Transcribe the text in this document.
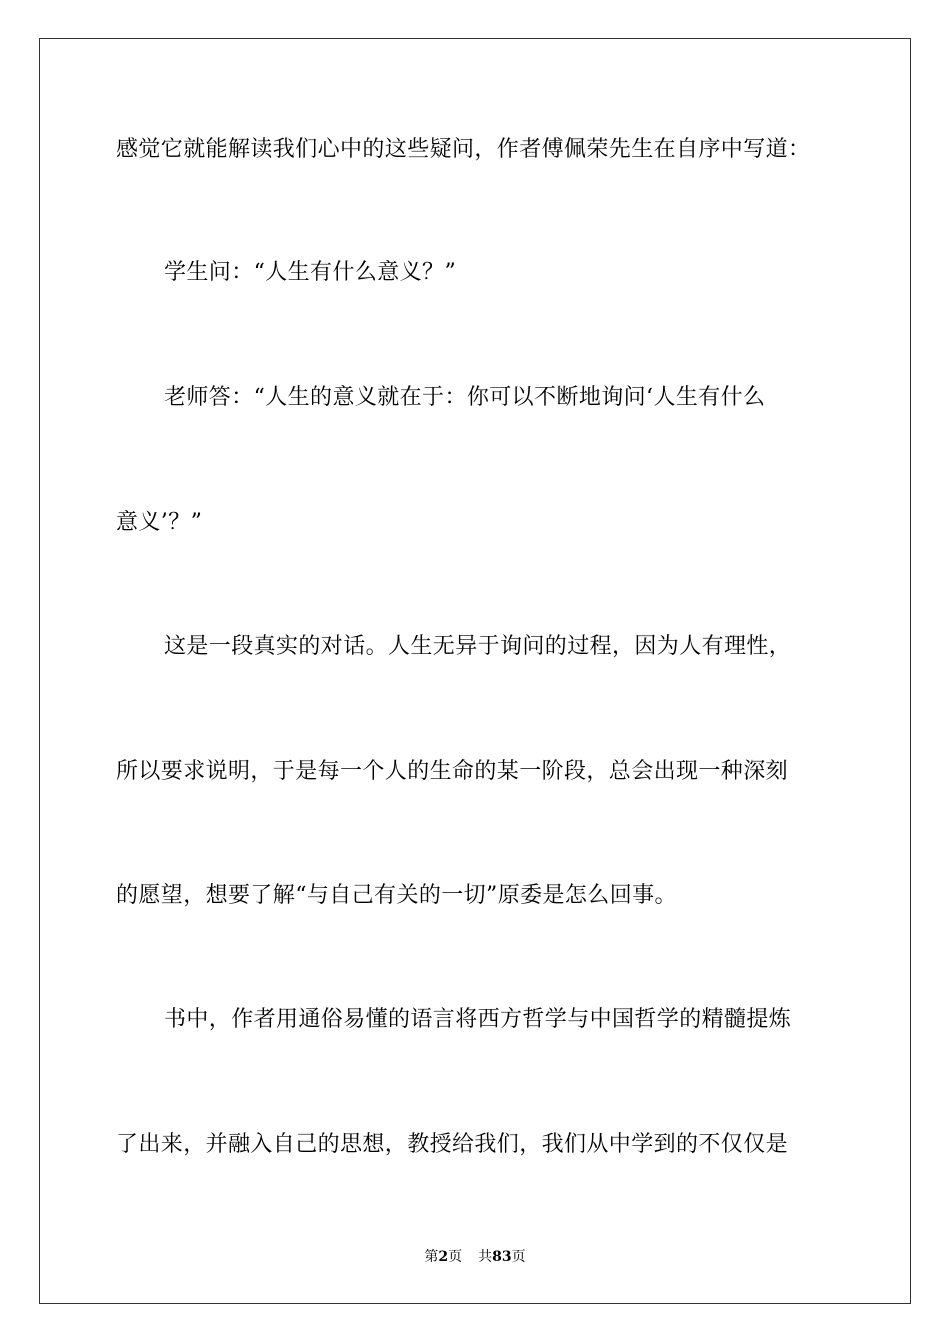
感觉它就能解读我们心中的这些疑问，作者傅佩荣先生在自序中写道：
学生问：“人生有什么意义？”
老师答：“人生的意义就在于：你可以不断地询问‘人生有什么
意义’？”
这是一段真实的对话。人生无异于询问的过程，因为人有理性，
所以要求说明，于是每一个人的生命的某一阶段，总会出现一种深刻
的愿望，想要了解“与自己有关的一切”原委是怎么回事。
书中，作者用通俗易懂的语言将西方哲学与中国哲学的精髓提炼
了出来，并融入自己的思想，教授给我们，我们从中学到的不仅仅是
第2页 共83页
